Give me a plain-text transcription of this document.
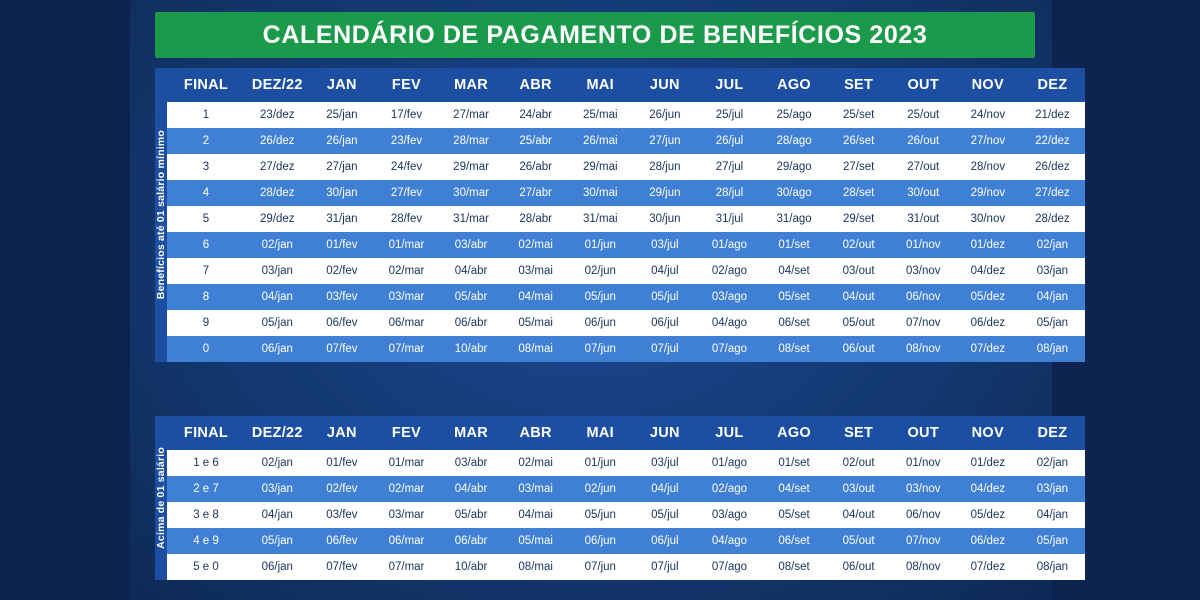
CALENDÁRIO DE PAGAMENTO DE BENEFÍCIOS 2023
Benefícios até 01 salário mínimo
FINAL	DEZ/22	JAN	FEV	MAR	ABR	MAI	JUN	JUL	AGO	SET	OUT	NOV	DEZ
1	23/dez	25/jan	17/fev	27/mar	24/abr	25/mai	26/jun	25/jul	25/ago	25/set	25/out	24/nov	21/dez
2	26/dez	26/jan	23/fev	28/mar	25/abr	26/mai	27/jun	26/jul	28/ago	26/set	26/out	27/nov	22/dez
3	27/dez	27/jan	24/fev	29/mar	26/abr	29/mai	28/jun	27/jul	29/ago	27/set	27/out	28/nov	26/dez
4	28/dez	30/jan	27/fev	30/mar	27/abr	30/mai	29/jun	28/jul	30/ago	28/set	30/out	29/nov	27/dez
5	29/dez	31/jan	28/fev	31/mar	28/abr	31/mai	30/jun	31/jul	31/ago	29/set	31/out	30/nov	28/dez
6	02/jan	01/fev	01/mar	03/abr	02/mai	01/jun	03/jul	01/ago	01/set	02/out	01/nov	01/dez	02/jan
7	03/jan	02/fev	02/mar	04/abr	03/mai	02/jun	04/jul	02/ago	04/set	03/out	03/nov	04/dez	03/jan
8	04/jan	03/fev	03/mar	05/abr	04/mai	05/jun	05/jul	03/ago	05/set	04/out	06/nov	05/dez	04/jan
9	05/jan	06/fev	06/mar	06/abr	05/mai	06/jun	06/jul	04/ago	06/set	05/out	07/nov	06/dez	05/jan
0	06/jan	07/fev	07/mar	10/abr	08/mai	07/jun	07/jul	07/ago	08/set	06/out	08/nov	07/dez	08/jan
Acima de 01 salário
FINAL	DEZ/22	JAN	FEV	MAR	ABR	MAI	JUN	JUL	AGO	SET	OUT	NOV	DEZ
1 e 6	02/jan	01/fev	01/mar	03/abr	02/mai	01/jun	03/jul	01/ago	01/set	02/out	01/nov	01/dez	02/jan
2 e 7	03/jan	02/fev	02/mar	04/abr	03/mai	02/jun	04/jul	02/ago	04/set	03/out	03/nov	04/dez	03/jan
3 e 8	04/jan	03/fev	03/mar	05/abr	04/mai	05/jun	05/jul	03/ago	05/set	04/out	06/nov	05/dez	04/jan
4 e 9	05/jan	06/fev	06/mar	06/abr	05/mai	06/jun	06/jul	04/ago	06/set	05/out	07/nov	06/dez	05/jan
5 e 0	06/jan	07/fev	07/mar	10/abr	08/mai	07/jun	07/jul	07/ago	08/set	06/out	08/nov	07/dez	08/jan
